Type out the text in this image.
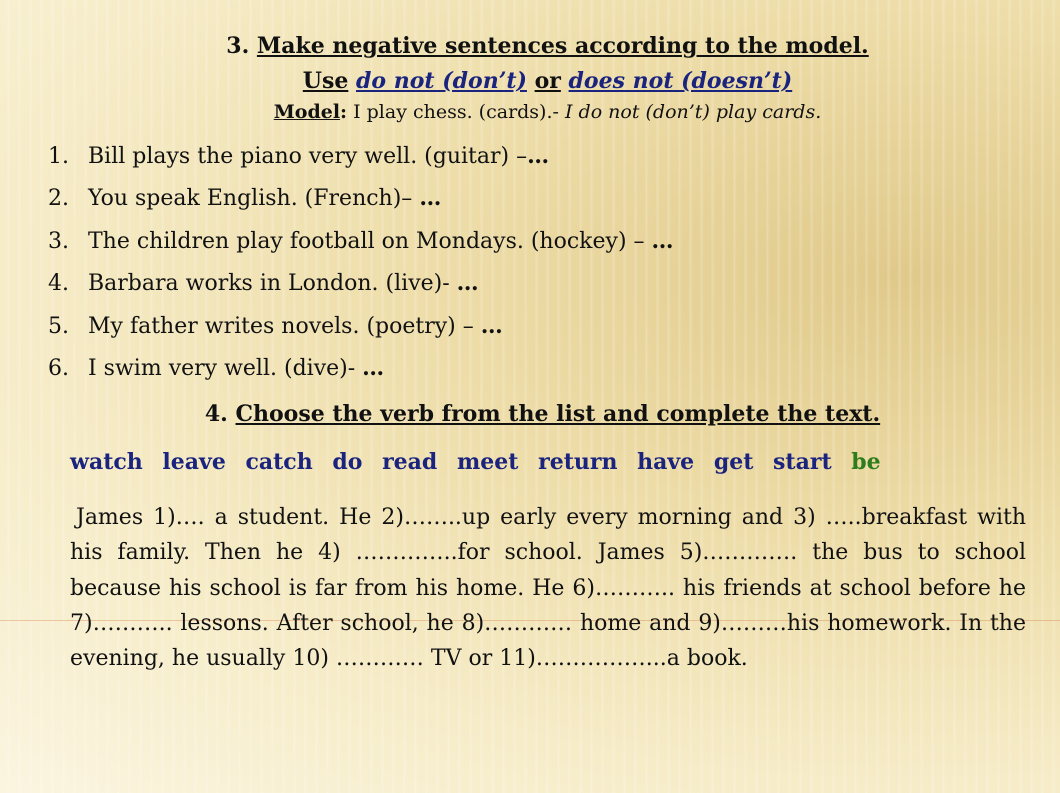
3. Make negative sentences according to the model.
Use do not (don’t) or does not (doesn’t)
Model: I play chess. (cards).- I do not (don’t) play cards.
1. Bill plays the piano very well. (guitar) –…
2. You speak English. (French)– …
3. The children play football on Mondays. (hockey) – …
4. Barbara works in London. (live)- …
5. My father writes novels. (poetry) – …
6. I swim very well. (dive)- …
4. Choose the verb from the list and complete the text.
watch leave catch do read meet return have get start be
James 1)…. a student. He 2)……..up early every morning and 3) …..breakfast with his family. Then he 4) …………..for school. James 5)…………. the bus to school because his school is far from his home. He 6)……….. his friends at school before he 7)……….. lessons. After school, he 8)………… home and 9)………his homework. In the evening, he usually 10) ………… TV or 11)……………...a book.
